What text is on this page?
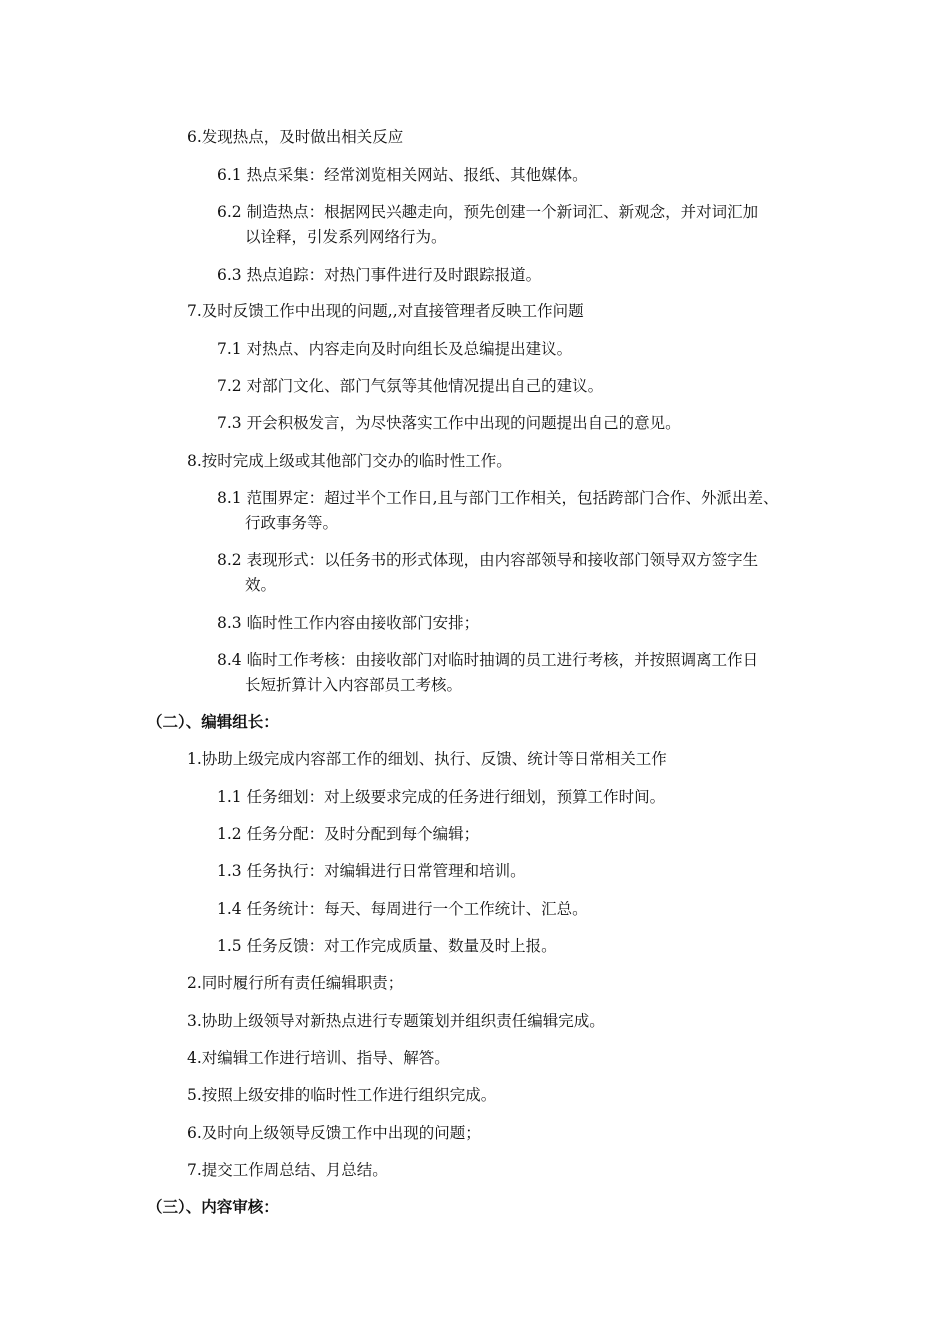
6.发现热点，及时做出相关反应
6.1 热点采集：经常浏览相关网站、报纸、其他媒体。
6.2 制造热点：根据网民兴趣走向，预先创建一个新词汇、新观念，并对词汇加
以诠释，引发系列网络行为。
6.3 热点追踪：对热门事件进行及时跟踪报道。
7.及时反馈工作中出现的问题,,对直接管理者反映工作问题
7.1 对热点、内容走向及时向组长及总编提出建议。
7.2 对部门文化、部门气氛等其他情况提出自己的建议。
7.3 开会积极发言，为尽快落实工作中出现的问题提出自己的意见。
8.按时完成上级或其他部门交办的临时性工作。
8.1 范围界定：超过半个工作日,且与部门工作相关，包括跨部门合作、外派出差、
行政事务等。
8.2 表现形式：以任务书的形式体现，由内容部领导和接收部门领导双方签字生
效。
8.3 临时性工作内容由接收部门安排；
8.4 临时工作考核：由接收部门对临时抽调的员工进行考核，并按照调离工作日
长短折算计入内容部员工考核。
（二）、编辑组长：
1.协助上级完成内容部工作的细划、执行、反馈、统计等日常相关工作
1.1 任务细划：对上级要求完成的任务进行细划，预算工作时间。
1.2 任务分配：及时分配到每个编辑；
1.3 任务执行：对编辑进行日常管理和培训。
1.4 任务统计：每天、每周进行一个工作统计、汇总。
1.5 任务反馈：对工作完成质量、数量及时上报。
2.同时履行所有责任编辑职责；
3.协助上级领导对新热点进行专题策划并组织责任编辑完成。
4.对编辑工作进行培训、指导、解答。
5.按照上级安排的临时性工作进行组织完成。
6.及时向上级领导反馈工作中出现的问题；
7.提交工作周总结、月总结。
（三）、内容审核：
